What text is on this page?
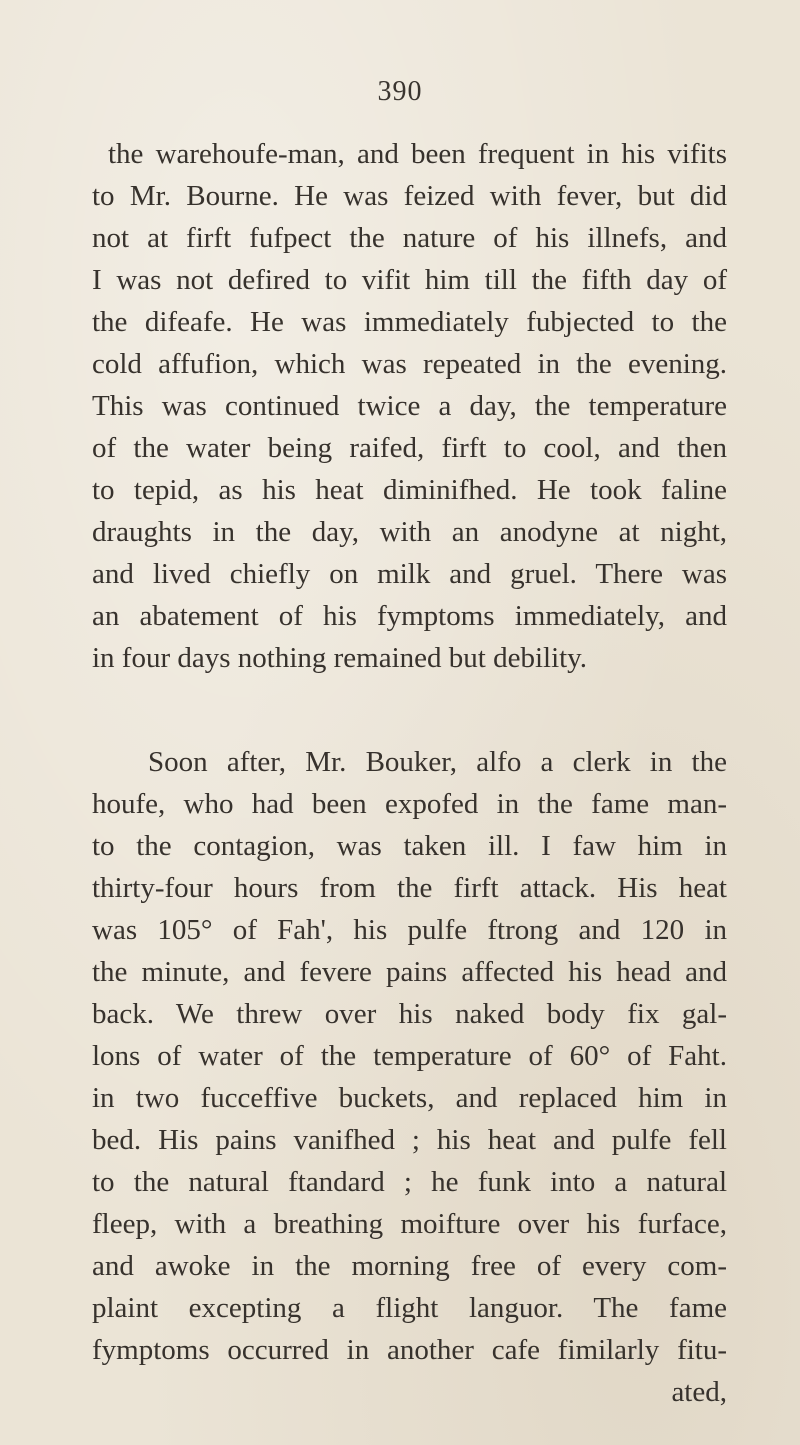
390
the warehoufe-man, and been frequent in his vifits
to Mr. Bourne. He was feized with fever, but did
not at firft fufpect the nature of his illnefs, and
I was not defired to vifit him till the fifth day of
the difeafe. He was immediately fubjected to the
cold affufion, which was repeated in the evening.
This was continued twice a day, the temperature
of the water being raifed, firft to cool, and then
to tepid, as his heat diminifhed. He took faline
draughts in the day, with an anodyne at night,
and lived chiefly on milk and gruel. There was
an abatement of his fymptoms immediately, and
in four days nothing remained but debility.
Soon after, Mr. Bouker, alfo a clerk in the
houfe, who had been expofed in the fame man-
to the contagion, was taken ill. I faw him in
thirty-four hours from the firft attack. His heat
was 105° of Fah', his pulfe ftrong and 120 in
the minute, and fevere pains affected his head and
back. We threw over his naked body fix gal-
lons of water of the temperature of 60° of Faht.
in two fucceffive buckets, and replaced him in
bed. His pains vanifhed ; his heat and pulfe fell
to the natural ftandard ; he funk into a natural
fleep, with a breathing moifture over his furface,
and awoke in the morning free of every com-
plaint excepting a flight languor. The fame
fymptoms occurred in another cafe fimilarly fitu-
ated,
